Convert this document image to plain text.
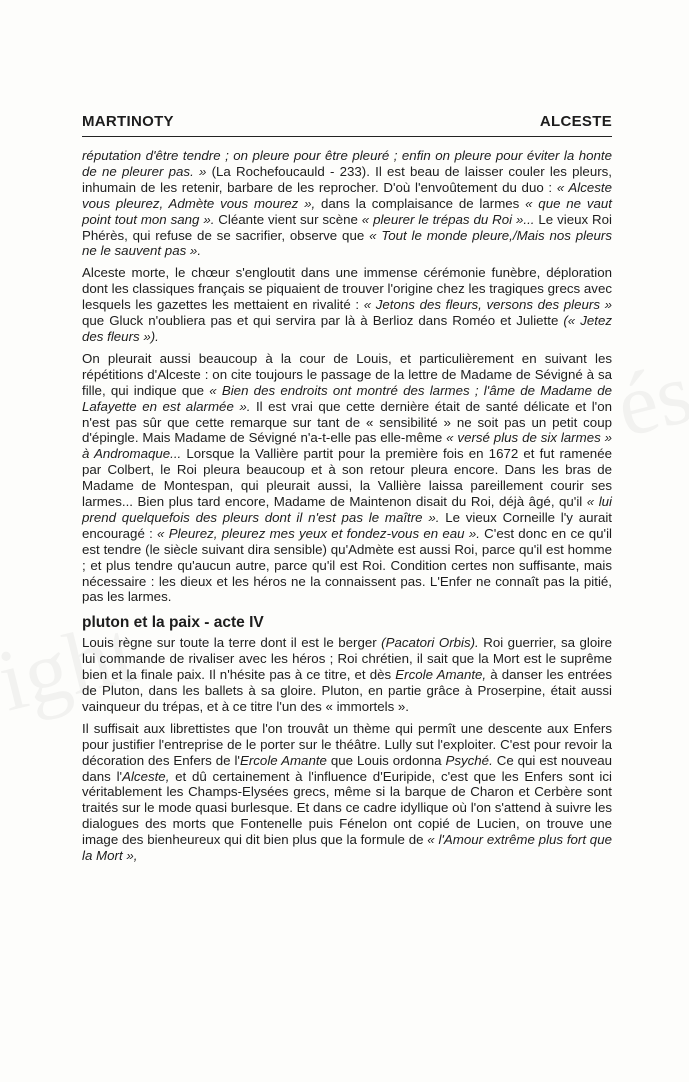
MARTINOTY	ALCESTE

réputation d'être tendre ; on pleure pour être pleuré ; enfin on pleure pour éviter la honte de ne pleurer pas. » (La Rochefoucauld - 233). Il est beau de laisser couler les pleurs, inhumain de les retenir, barbare de les reprocher. D'où l'envoûtement du duo : « Alceste vous pleurez, Admète vous mourez », dans la complaisance de larmes « que ne vaut point tout mon sang ». Cléante vient sur scène « pleurer le trépas du Roi »... Le vieux Roi Phérès, qui refuse de se sacrifier, observe que « Tout le monde pleure,/Mais nos pleurs ne le sauvent pas ».

Alceste morte, le chœur s'engloutit dans une immense cérémonie funèbre, déploration dont les classiques français se piquaient de trouver l'origine chez les tragiques grecs avec lesquels les gazettes les mettaient en rivalité : « Jetons des fleurs, versons des pleurs » que Gluck n'oubliera pas et qui servira par là à Berlioz dans Roméo et Juliette (« Jetez des fleurs »).

On pleurait aussi beaucoup à la cour de Louis, et particulièrement en suivant les répétitions d'Alceste : on cite toujours le passage de la lettre de Madame de Sévigné à sa fille, qui indique que « Bien des endroits ont montré des larmes ; l'âme de Madame de Lafayette en est alarmée ». Il est vrai que cette dernière était de santé délicate et l'on n'est pas sûr que cette remarque sur tant de « sensibilité » ne soit pas un petit coup d'épingle. Mais Madame de Sévigné n'a-t-elle pas elle-même « versé plus de six larmes » à Andromaque... Lorsque la Vallière partit pour la première fois en 1672 et fut ramenée par Colbert, le Roi pleura beaucoup et à son retour pleura encore. Dans les bras de Madame de Montespan, qui pleurait aussi, la Vallière laissa pareillement courir ses larmes... Bien plus tard encore, Madame de Maintenon disait du Roi, déjà âgé, qu'il « lui prend quelquefois des pleurs dont il n'est pas le maître ». Le vieux Corneille l'y aurait encouragé : « Pleurez, pleurez mes yeux et fondez-vous en eau ». C'est donc en ce qu'il est tendre (le siècle suivant dira sensible) qu'Admète est aussi Roi, parce qu'il est homme ; et plus tendre qu'aucun autre, parce qu'il est Roi. Condition certes non suffisante, mais nécessaire : les dieux et les héros ne la connaissent pas. L'Enfer ne connaît pas la pitié, pas les larmes.

pluton et la paix - acte IV

Louis règne sur toute la terre dont il est le berger (Pacatori Orbis). Roi guerrier, sa gloire lui commande de rivaliser avec les héros ; Roi chrétien, il sait que la Mort est le suprême bien et la finale paix. Il n'hésite pas à ce titre, et dès Ercole Amante, à danser les entrées de Pluton, dans les ballets à sa gloire. Pluton, en partie grâce à Proserpine, était aussi vainqueur du trépas, et à ce titre l'un des « immortels ».

Il suffisait aux librettistes que l'on trouvât un thème qui permît une descente aux Enfers pour justifier l'entreprise de le porter sur le théâtre. Lully sut l'exploiter. C'est pour revoir la décoration des Enfers de l'Ercole Amante que Louis ordonna Psyché. Ce qui est nouveau dans l'Alceste, et dû certainement à l'influence d'Euripide, c'est que les Enfers sont ici véritablement les Champs-Elysées grecs, même si la barque de Charon et Cerbère sont traités sur le mode quasi burlesque. Et dans ce cadre idyllique où l'on s'attend à suivre les dialogues des morts que Fontenelle puis Fénelon ont copié de Lucien, on trouve une image des bienheureux qui dit bien plus que la formule de « l'Amour extrême plus fort que la Mort »,
